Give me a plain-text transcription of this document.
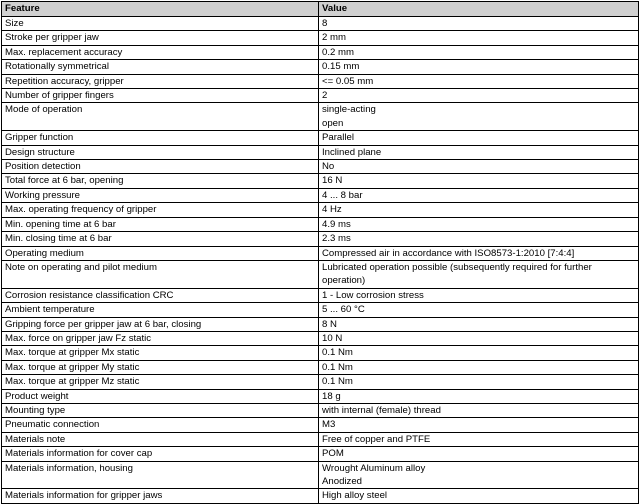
Feature	Value
Size	8

Stroke per gripper jaw	2 mm

Max. replacement accuracy	0.2 mm

Rotationally symmetrical	0.15 mm

Repetition accuracy, gripper	<= 0.05 mm

Number of gripper fingers	2

Mode of operation	single-acting
open

Gripper function	Parallel

Design structure	Inclined plane

Position detection	No

Total force at 6 bar, opening	16 N

Working pressure	4 ... 8 bar

Max. operating frequency of gripper	4 Hz

Min. opening time at 6 bar	4.9 ms

Min. closing time at 6 bar	2.3 ms

Operating medium	Compressed air in accordance with ISO8573-1:2010 [7:4:4]

Note on operating and pilot medium	Lubricated operation possible (subsequently required for further
operation)

Corrosion resistance classification CRC	1 - Low corrosion stress

Ambient temperature	5 ... 60 °C

Gripping force per gripper jaw at 6 bar, closing	8 N

Max. force on gripper jaw Fz static	10 N

Max. torque at gripper Mx static	0.1 Nm

Max. torque at gripper My static	0.1 Nm

Max. torque at gripper Mz static	0.1 Nm

Product weight	18 g

Mounting type	with internal (female) thread

Pneumatic connection	M3

Materials note	Free of copper and PTFE

Materials information for cover cap	POM

Materials information, housing	Wrought Aluminum alloy
Anodized

Materials information for gripper jaws	High alloy steel
